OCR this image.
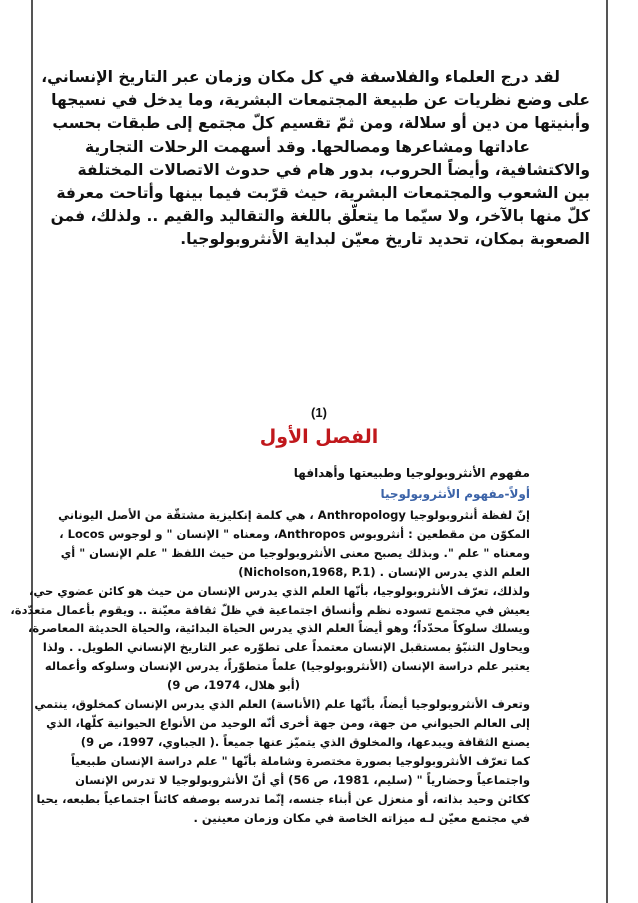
لقد درج العلماء والفلاسفة في كل مكان وزمان عبر التاريخ الإنساني،
على وضع نظريات عن طبيعة المجتمعات البشرية، وما يدخل في نسيجها
وأبنيتها من دين أو سلالة، ومن ثمّ تقسيم كلّ مجتمع إلى طبقات بحسب
عاداتها ومشاعرها ومصالحها. وقد أسهمت الرحلات التجارية
والاكتشافية، وأيضاً الحروب، بدور هام في حدوث الاتصالات المختلفة
بين الشعوب والمجتمعات البشرية، حيث قرّبت فيما بينها وأتاحت معرفة
كلّ منها بالآخر، ولا سيّما ما يتعلّق باللغة والتقاليد والقيم .. ولذلك، فمن
الصعوبة بمكان، تحديد تاريخ معيّن لبداية الأنثروبولوجيا.
(1)
الفصل الأول
مفهوم الأنثروبولوجيا وطبيعتها وأهدافها
أولاً-مفهوم الأنثروبولوجيا
إنّ لفظة أنثروبولوجيا Anthropology ، هي كلمة إنكليزية مشتقّة من الأصل اليوناني
المكوّن من مقطعين : أنثروبوس Anthropos، ومعناه " الإنسان " و لوجوس Locos ،
ومعناه " علم ". وبذلك يصبح معنى الأنثروبولوجيا من حيث اللفظ " علم الإنسان " أي
العلم الذي يدرس الإنسان . (Nicholson,1968, P.1)
ولذلك، تعرّف الأنثروبولوجيا، بأنّها العلم الذي يدرس الإنسان من حيث هو كائن عضوي حي،
يعيش في مجتمع تسوده نظم وأنساق اجتماعية في ظلّ ثقافة معيّنة .. ويقوم بأعمال متعدّدة،
ويسلك سلوكاً محدّداً؛ وهو أيضاً العلم الذي يدرس الحياة البدائية، والحياة الحديثة المعاصرة،
ويحاول التنبّؤ بمستقبل الإنسان معتمداً على تطوّره عبر التاريخ الإنساني الطويل. . ولذا
يعتبر علم دراسة الإنسان (الأنثروبولوجيا) علماً متطوّراً، يدرس الإنسان وسلوكه وأعماله
(أبو هلال، 1974، ص 9)
وتعرف الأنثروبولوجيا أيضاً، بأنّها علم (الأناسة) العلم الذي يدرس الإنسان كمخلوق، ينتمي
إلى العالم الحيواني من جهة، ومن جهة أخرى أنّه الوحيد من الأنواع الحيوانية كلّها، الذي
يصنع الثقافة ويبدعها، والمخلوق الذي يتميّز عنها جميعاً .( الجباوي، 1997، ص 9)
كما تعرّف الأنثروبولوجيا بصورة مختصرة وشاملة بأنّها " علم دراسة الإنسان طبيعياً
واجتماعياً وحضارياً " (سليم، 1981، ص 56) أي أنّ الأنثروبولوجيا لا تدرس الإنسان
ككائن وحيد بذاته، أو منعزل عن أبناء جنسه، إنّما تدرسه بوصفه كائناً اجتماعياً بطبعه، يحيا
في مجتمع معيّن لـه ميزاته الخاصة في مكان وزمان معينين .
